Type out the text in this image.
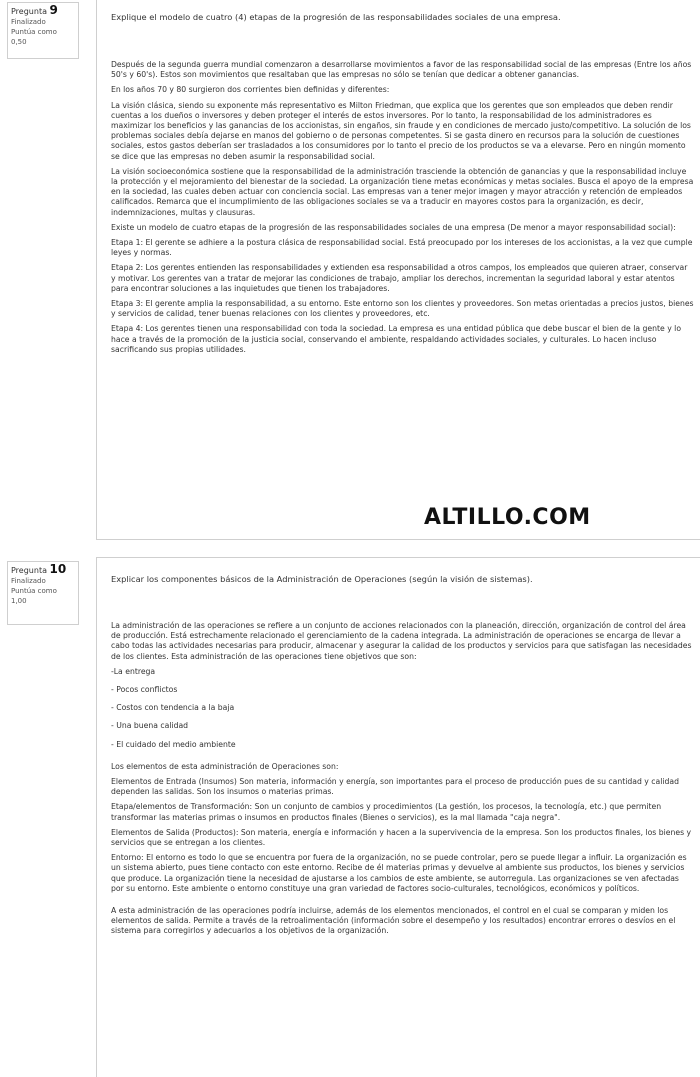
Pregunta 9
Finalizado
Puntúa como
0,50
Explique el modelo de cuatro (4) etapas de la progresión de las responsabilidades sociales de una empresa.

Después de la segunda guerra mundial comenzaron a desarrollarse movimientos a favor de las responsabilidad social de las empresas (Entre los años 50's y 60's). Estos son movimientos que resaltaban que las empresas no sólo se tenían que dedicar a obtener ganancias.

En los años 70 y 80 surgieron dos corrientes bien definidas y diferentes:

La visión clásica, siendo su exponente más representativo es Milton Friedman, que explica que los gerentes que son empleados que deben rendir cuentas a los dueños o inversores y deben proteger el interés de estos inversores. Por lo tanto, la responsabilidad de los administradores es maximizar los beneficios y las ganancias de los accionistas, sin engaños, sin fraude y en condiciones de mercado justo/competitivo. La solución de los problemas sociales debía dejarse en manos del gobierno o de personas competentes. Si se gasta dinero en recursos para la solución de cuestiones sociales, estos gastos deberían ser trasladados a los consumidores por lo tanto el precio de los productos se va a elevarse. Pero en ningún momento se dice que las empresas no deben asumir la responsabilidad social.

La visión socioeconómica sostiene que la responsabilidad de la administración trasciende la obtención de ganancias y que la responsabilidad incluye la protección y el mejoramiento del bienestar de la sociedad. La organización tiene metas económicas y metas sociales. Busca el apoyo de la empresa en la sociedad, las cuales deben actuar con conciencia social. Las empresas van a tener mejor imagen y mayor atracción y retención de empleados calificados. Remarca que el incumplimiento de las obligaciones sociales se va a traducir en mayores costos para la organización, es decir, indemnizaciones, multas y clausuras.

Existe un modelo de cuatro etapas de la progresión de las responsabilidades sociales de una empresa (De menor a mayor responsabilidad social):

Etapa 1: El gerente se adhiere a la postura clásica de responsabilidad social. Está preocupado por los intereses de los accionistas, a la vez que cumple leyes y normas.

Etapa 2: Los gerentes entienden las responsabilidades y extienden esa responsabilidad a otros campos, los empleados que quieren atraer, conservar y motivar. Los gerentes van a tratar de mejorar las condiciones de trabajo, ampliar los derechos, incrementan la seguridad laboral y estar atentos para encontrar soluciones a las inquietudes que tienen los trabajadores.

Etapa 3: El gerente amplia la responsabilidad, a su entorno. Este entorno son los clientes y proveedores. Son metas orientadas a precios justos, bienes y servicios de calidad, tener buenas relaciones con los clientes y proveedores, etc.

Etapa 4: Los gerentes tienen una responsabilidad con toda la sociedad. La empresa es una entidad pública que debe buscar el bien de la gente y lo hace a través de la promoción de la justicia social, conservando el ambiente, respaldando actividades sociales, y culturales. Lo hacen incluso sacrificando sus propias utilidades.

ALTILLO.COM
Pregunta 10
Finalizado
Puntúa como
1,00
Explicar los componentes básicos de la Administración de Operaciones (según la visión de sistemas).

La administración de las operaciones se refiere a un conjunto de acciones relacionados con la planeación, dirección, organización de control del área de producción. Está estrechamente relacionado el gerenciamiento de la cadena integrada. La administración de operaciones se encarga de llevar a cabo todas las actividades necesarias para producir, almacenar y asegurar la calidad de los productos y servicios para que satisfagan las necesidades de los clientes. Esta administración de las operaciones tiene objetivos que son:

-La entrega

- Pocos conflictos

- Costos con tendencia a la baja

- Una buena calidad

- El cuidado del medio ambiente

Los elementos de esta administración de Operaciones son:

Elementos de Entrada (Insumos) Son materia, información y energía, son importantes para el proceso de producción pues de su cantidad y calidad dependen las salidas. Son los insumos o materias primas.

Etapa/elementos de Transformación: Son un conjunto de cambios y procedimientos (La gestión, los procesos, la tecnología, etc.) que permiten transformar las materias primas o insumos en productos finales (Bienes o servicios), es la mal llamada "caja negra".

Elementos de Salida (Productos): Son materia, energía e información y hacen a la supervivencia de la empresa. Son los productos finales, los bienes y servicios que se entregan a los clientes.

Entorno: El entorno es todo lo que se encuentra por fuera de la organización, no se puede controlar, pero se puede llegar a influir. La organización es un sistema abierto, pues tiene contacto con este entorno. Recibe de él materias primas y devuelve al ambiente sus productos, los bienes y servicios que produce. La organización tiene la necesidad de ajustarse a los cambios de este ambiente, se autorregula. Las organizaciones se ven afectadas por su entorno. Este ambiente o entorno constituye una gran variedad de factores socio-culturales, tecnológicos, económicos y políticos.

A esta administración de las operaciones podría incluirse, además de los elementos mencionados, el control en el cual se comparan y miden los elementos de salida. Permite a través de la retroalimentación (información sobre el desempeño y los resultados) encontrar errores o desvíos en el sistema para corregirlos y adecuarlos a los objetivos de la organización.
